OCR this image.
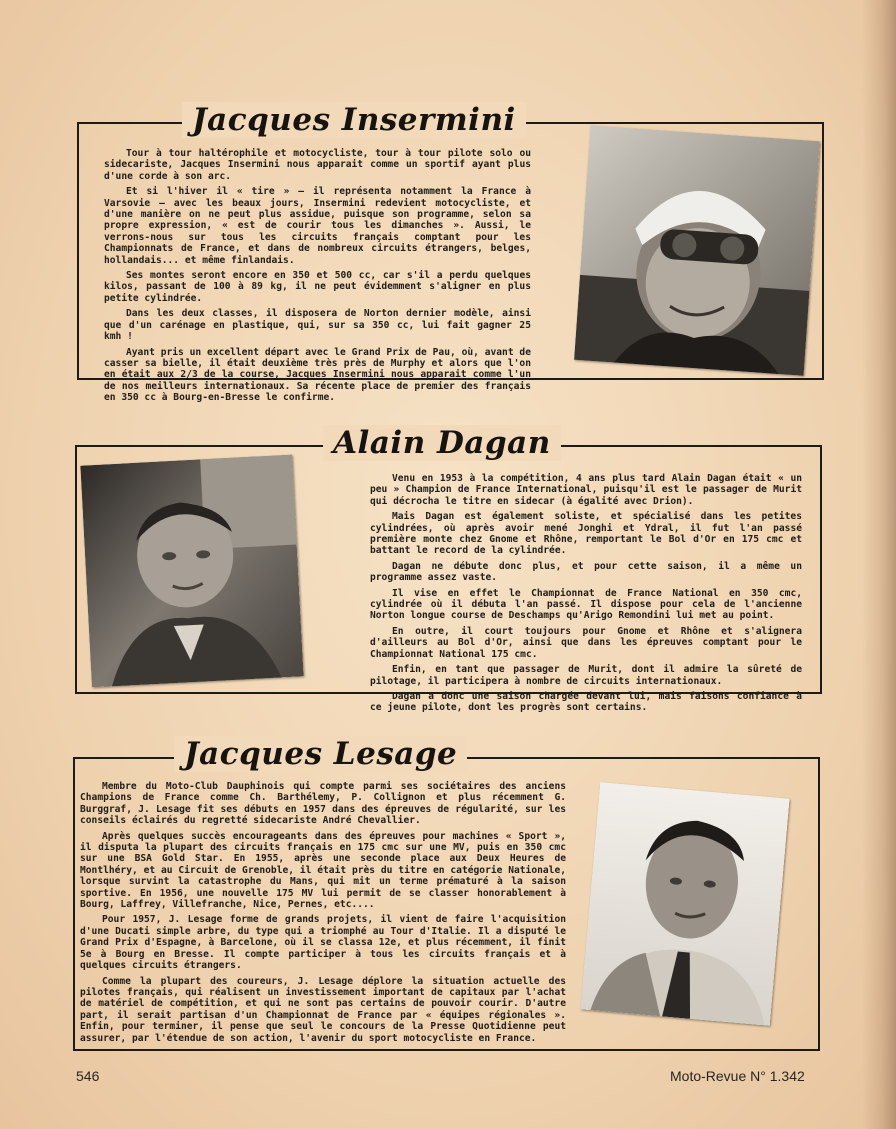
Jacques Insermini

Tour à tour haltérophile et motocycliste, tour à tour pilote solo ou sidecariste, Jacques Insermini nous apparait comme un sportif ayant plus d'une corde à son arc.

Et si l'hiver il « tire » — il représenta notamment la France à Varsovie — avec les beaux jours, Insermini redevient motocycliste, et d'une manière on ne peut plus assidue, puisque son programme, selon sa propre expression, « est de courir tous les dimanches ». Aussi, le verrons-nous sur tous les circuits français comptant pour les Championnats de France, et dans de nombreux circuits étrangers, belges, hollandais... et même finlandais.

Ses montes seront encore en 350 et 500 cc, car s'il a perdu quelques kilos, passant de 100 à 89 kg, il ne peut évidemment s'aligner en plus petite cylindrée.

Dans les deux classes, il disposera de Norton dernier modèle, ainsi que d'un carénage en plastique, qui, sur sa 350 cc, lui fait gagner 25 kmh !

Ayant pris un excellent départ avec le Grand Prix de Pau, où, avant de casser sa bielle, il était deuxième très près de Murphy et alors que l'on en était aux 2/3 de la course, Jacques Insermini nous apparait comme l'un de nos meilleurs internationaux. Sa récente place de premier des français en 350 cc à Bourg-en-Bresse le confirme.

Alain Dagan

Venu en 1953 à la compétition, 4 ans plus tard Alain Dagan était « un peu » Champion de France International, puisqu'il est le passager de Murit qui décrocha le titre en sidecar (à égalité avec Drion).

Mais Dagan est également soliste, et spécialisé dans les petites cylindrées, où après avoir mené Jonghi et Ydral, il fut l'an passé première monte chez Gnome et Rhône, remportant le Bol d'Or en 175 cmc et battant le record de la cylindrée.

Dagan ne débute donc plus, et pour cette saison, il a même un programme assez vaste.

Il vise en effet le Championnat de France National en 350 cmc, cylindrée où il débuta l'an passé. Il dispose pour cela de l'ancienne Norton longue course de Deschamps qu'Arigo Remondini lui met au point.

En outre, il court toujours pour Gnome et Rhône et s'alignera d'ailleurs au Bol d'Or, ainsi que dans les épreuves comptant pour le Championnat National 175 cmc.

Enfin, en tant que passager de Murit, dont il admire la sûreté de pilotage, il participera à nombre de circuits internationaux.

Dagan a donc une saison chargée devant lui, mais faisons confiance à ce jeune pilote, dont les progrès sont certains.

Jacques Lesage

Membre du Moto-Club Dauphinois qui compte parmi ses sociétaires des anciens Champions de France comme Ch. Barthélemy, P. Collignon et plus récemment G. Burggraf, J. Lesage fit ses débuts en 1957 dans des épreuves de régularité, sur les conseils éclairés du regretté sidecariste André Chevallier.

Après quelques succès encourageants dans des épreuves pour machines « Sport », il disputa la plupart des circuits français en 175 cmc sur une MV, puis en 350 cmc sur une BSA Gold Star. En 1955, après une seconde place aux Deux Heures de Montlhéry, et au Circuit de Grenoble, il était près du titre en catégorie Nationale, lorsque survint la catastrophe du Mans, qui mit un terme prématuré à la saison sportive. En 1956, une nouvelle 175 MV lui permit de se classer honorablement à Bourg, Laffrey, Villefranche, Nice, Pernes, etc....

Pour 1957, J. Lesage forme de grands projets, il vient de faire l'acquisition d'une Ducati simple arbre, du type qui a triomphé au Tour d'Italie. Il a disputé le Grand Prix d'Espagne, à Barcelone, où il se classa 12e, et plus récemment, il finit 5e à Bourg en Bresse. Il compte participer à tous les circuits français et à quelques circuits étrangers.

Comme la plupart des coureurs, J. Lesage déplore la situation actuelle des pilotes français, qui réalisent un investissement important de capitaux par l'achat de matériel de compétition, et qui ne sont pas certains de pouvoir courir. D'autre part, il serait partisan d'un Championnat de France par « équipes régionales ». Enfin, pour terminer, il pense que seul le concours de la Presse Quotidienne peut assurer, par l'étendue de son action, l'avenir du sport motocycliste en France.

546	Moto-Revue N° 1.342
